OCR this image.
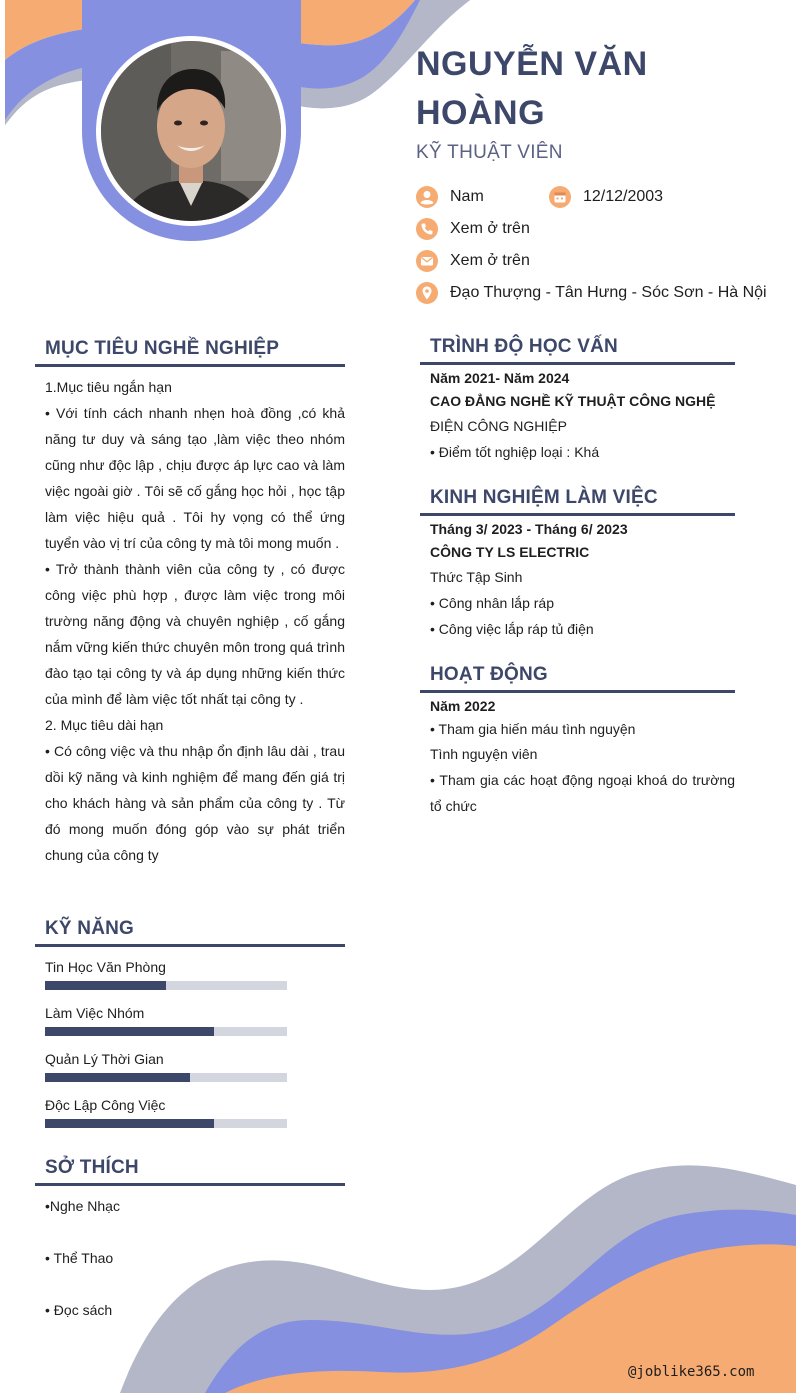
NGUYỄN VĂN HOÀNG
KỸ THUẬT VIÊN
Nam	12/12/2003
Xem ở trên
Xem ở trên
Đạo Thượng - Tân Hưng - Sóc Sơn - Hà Nội
MỤC TIÊU NGHỀ NGHIỆP

1.Mục tiêu ngắn hạn

• Với tính cách nhanh nhẹn hoà đồng ,có khả năng tư duy và sáng tạo ,làm việc theo nhóm cũng như độc lập , chịu được áp lực cao và làm việc ngoài giờ . Tôi sẽ cố gắng học hỏi , học tập làm việc hiệu quả . Tôi hy vọng có thể ứng tuyển vào vị trí của công ty mà tôi mong muốn .

• Trở thành thành viên của công ty , có được công việc phù hợp , được làm việc trong môi trường năng động và chuyên nghiệp , cố gắng nắm vững kiến thức chuyên môn trong quá trình đào tạo tại công ty và áp dụng những kiến thức của mình để làm việc tốt nhất tại công ty .

2. Mục tiêu dài hạn

• Có công việc và thu nhập ổn định lâu dài , trau dồi kỹ năng và kinh nghiệm để mang đến giá trị cho khách hàng và sản phẩm của công ty . Từ đó mong muốn đóng góp vào sự phát triển chung của công ty

KỸ NĂNG
Tin Học Văn Phòng
Làm Việc Nhóm
Quản Lý Thời Gian
Độc Lập Công Việc
SỞ THÍCH
•Nghe Nhạc
• Thể Thao
• Đọc sách
TRÌNH ĐỘ HỌC VẤN
Năm 2021- Năm 2024
CAO ĐẲNG NGHỀ KỸ THUẬT CÔNG NGHỆ
ĐIỆN CÔNG NGHIỆP
• Điểm tốt nghiệp loại : Khá
KINH NGHIỆM LÀM VIỆC
Tháng 3/ 2023 - Tháng 6/ 2023
CÔNG TY LS ELECTRIC
Thức Tập Sinh
• Công nhân lắp ráp
• Công việc lắp ráp tủ điện
HOẠT ĐỘNG
Năm 2022
• Tham gia hiến máu tình nguyện
Tình nguyện viên
• Tham gia các hoạt động ngoại khoá do trường tổ chức
@joblike365.com
